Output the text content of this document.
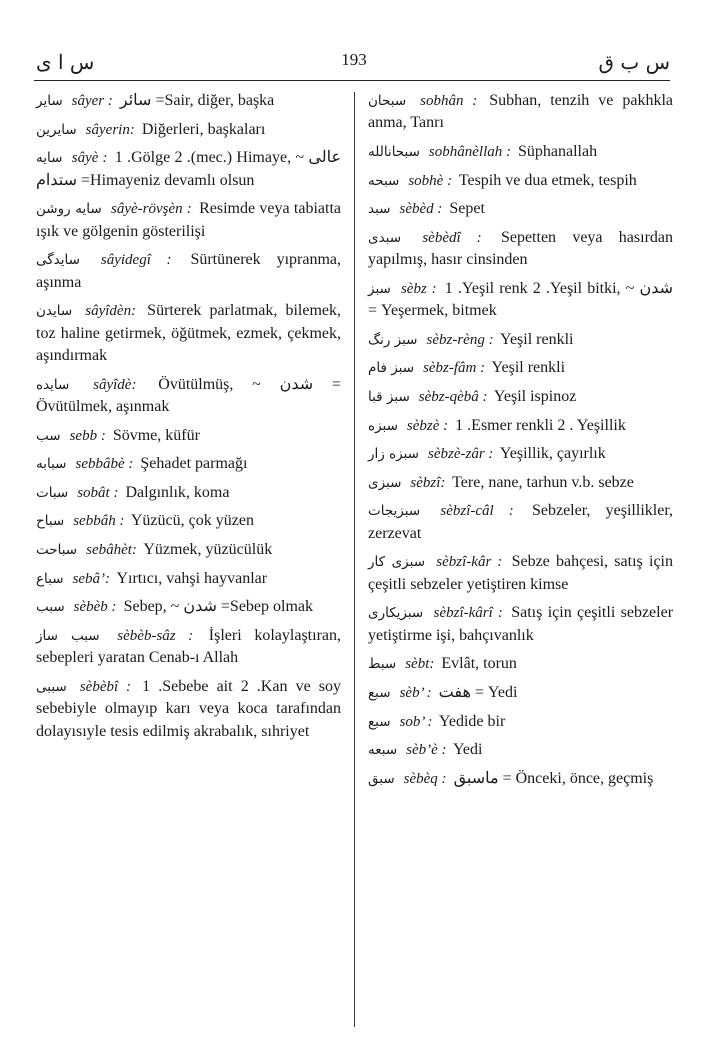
س ا ی	193	س ب ق

سایر sâyer : سائر =Sair, diğer, başka

سایرین sâyerin: Diğerleri, başkaları

سایه sâyè : 1 .Gölge 2 .(mec.) Himaye, عالی ~ ستدام =Himayeniz devamlı olsun

سایه روشن sâyè-rövşèn : Resimde veya tabiatta ışık ve gölgenin gösterilişi

سایدگی sâyidegî : Sürtünerek yıpranma, aşınma

سایدن sâyîdèn: Sürterek parlatmak, bilemek, toz haline getirmek, öğütmek, ezmek, çekmek, aşındırmak

سایده sâyîdè: Övütülmüş, ~ شدن = Övütülmek, aşınmak

سب sebb : Sövme, küfür

سبابه sebbâbè : Şehadet parmağı

سبات sobât : Dalgınlık, koma

سباح sebbâh : Yüzücü, çok yüzen

سباحت sebâhèt: Yüzmek, yüzücülük

سباع sebâ’: Yırtıcı, vahşi hayvanlar

سبب sèbèb : Sebep, ~ شدن =Sebep olmak

سبب ساز sèbèb-sâz : İşleri kolaylaştıran, sebepleri yaratan Cenab-ı Allah

سببی sèbèbî : 1 .Sebebe ait 2 .Kan ve soy sebebiyle olmayıp karı veya koca tarafından dolayısıyle tesis edilmiş akrabalık, sıhriyet

سبحان sobhân : Subhan, tenzih ve pakhkla anma, Tanrı

سبحانالله sobhânèllah : Süphanallah

سبحه sobhè : Tespih ve dua etmek, tespih

سبد sèbèd : Sepet

سبدی sèbèdî : Sepetten veya hasırdan yapılmış, hasır cinsinden

سبز sèbz : 1 .Yeşil renk 2 .Yeşil bitki, ~ شدن = Yeşermek, bitmek

سبز رنگ sèbz-rèng : Yeşil renkli

سبز فام sèbz-fâm : Yeşil renkli

سبز قبا sèbz-qèbâ : Yeşil ispinoz

سبزه sèbzè : 1 .Esmer renkli 2 . Yeşillik

سبزه زار sèbzè-zâr : Yeşillik, çayırlık

سبزی sèbzî: Tere, nane, tarhun v.b. sebze

سبزیجات sèbzî-câl : Sebzeler, yeşillikler, zerzevat

سبزی کار sèbzî-kâr : Sebze bahçesi, satış için çeşitli sebzeler yetiştiren kimse

سبزیکاری sèbzî-kârî : Satış için çeşitli sebzeler yetiştirme işi, bahçıvanlık

سبط sèbt: Evlât, torun

سبع sèb’ : هفت = Yedi

سبع sob’ : Yedide bir

سبعه sèb’è : Yedi

سبق sèbèq : ماسبق = Önceki, önce, geçmiş
